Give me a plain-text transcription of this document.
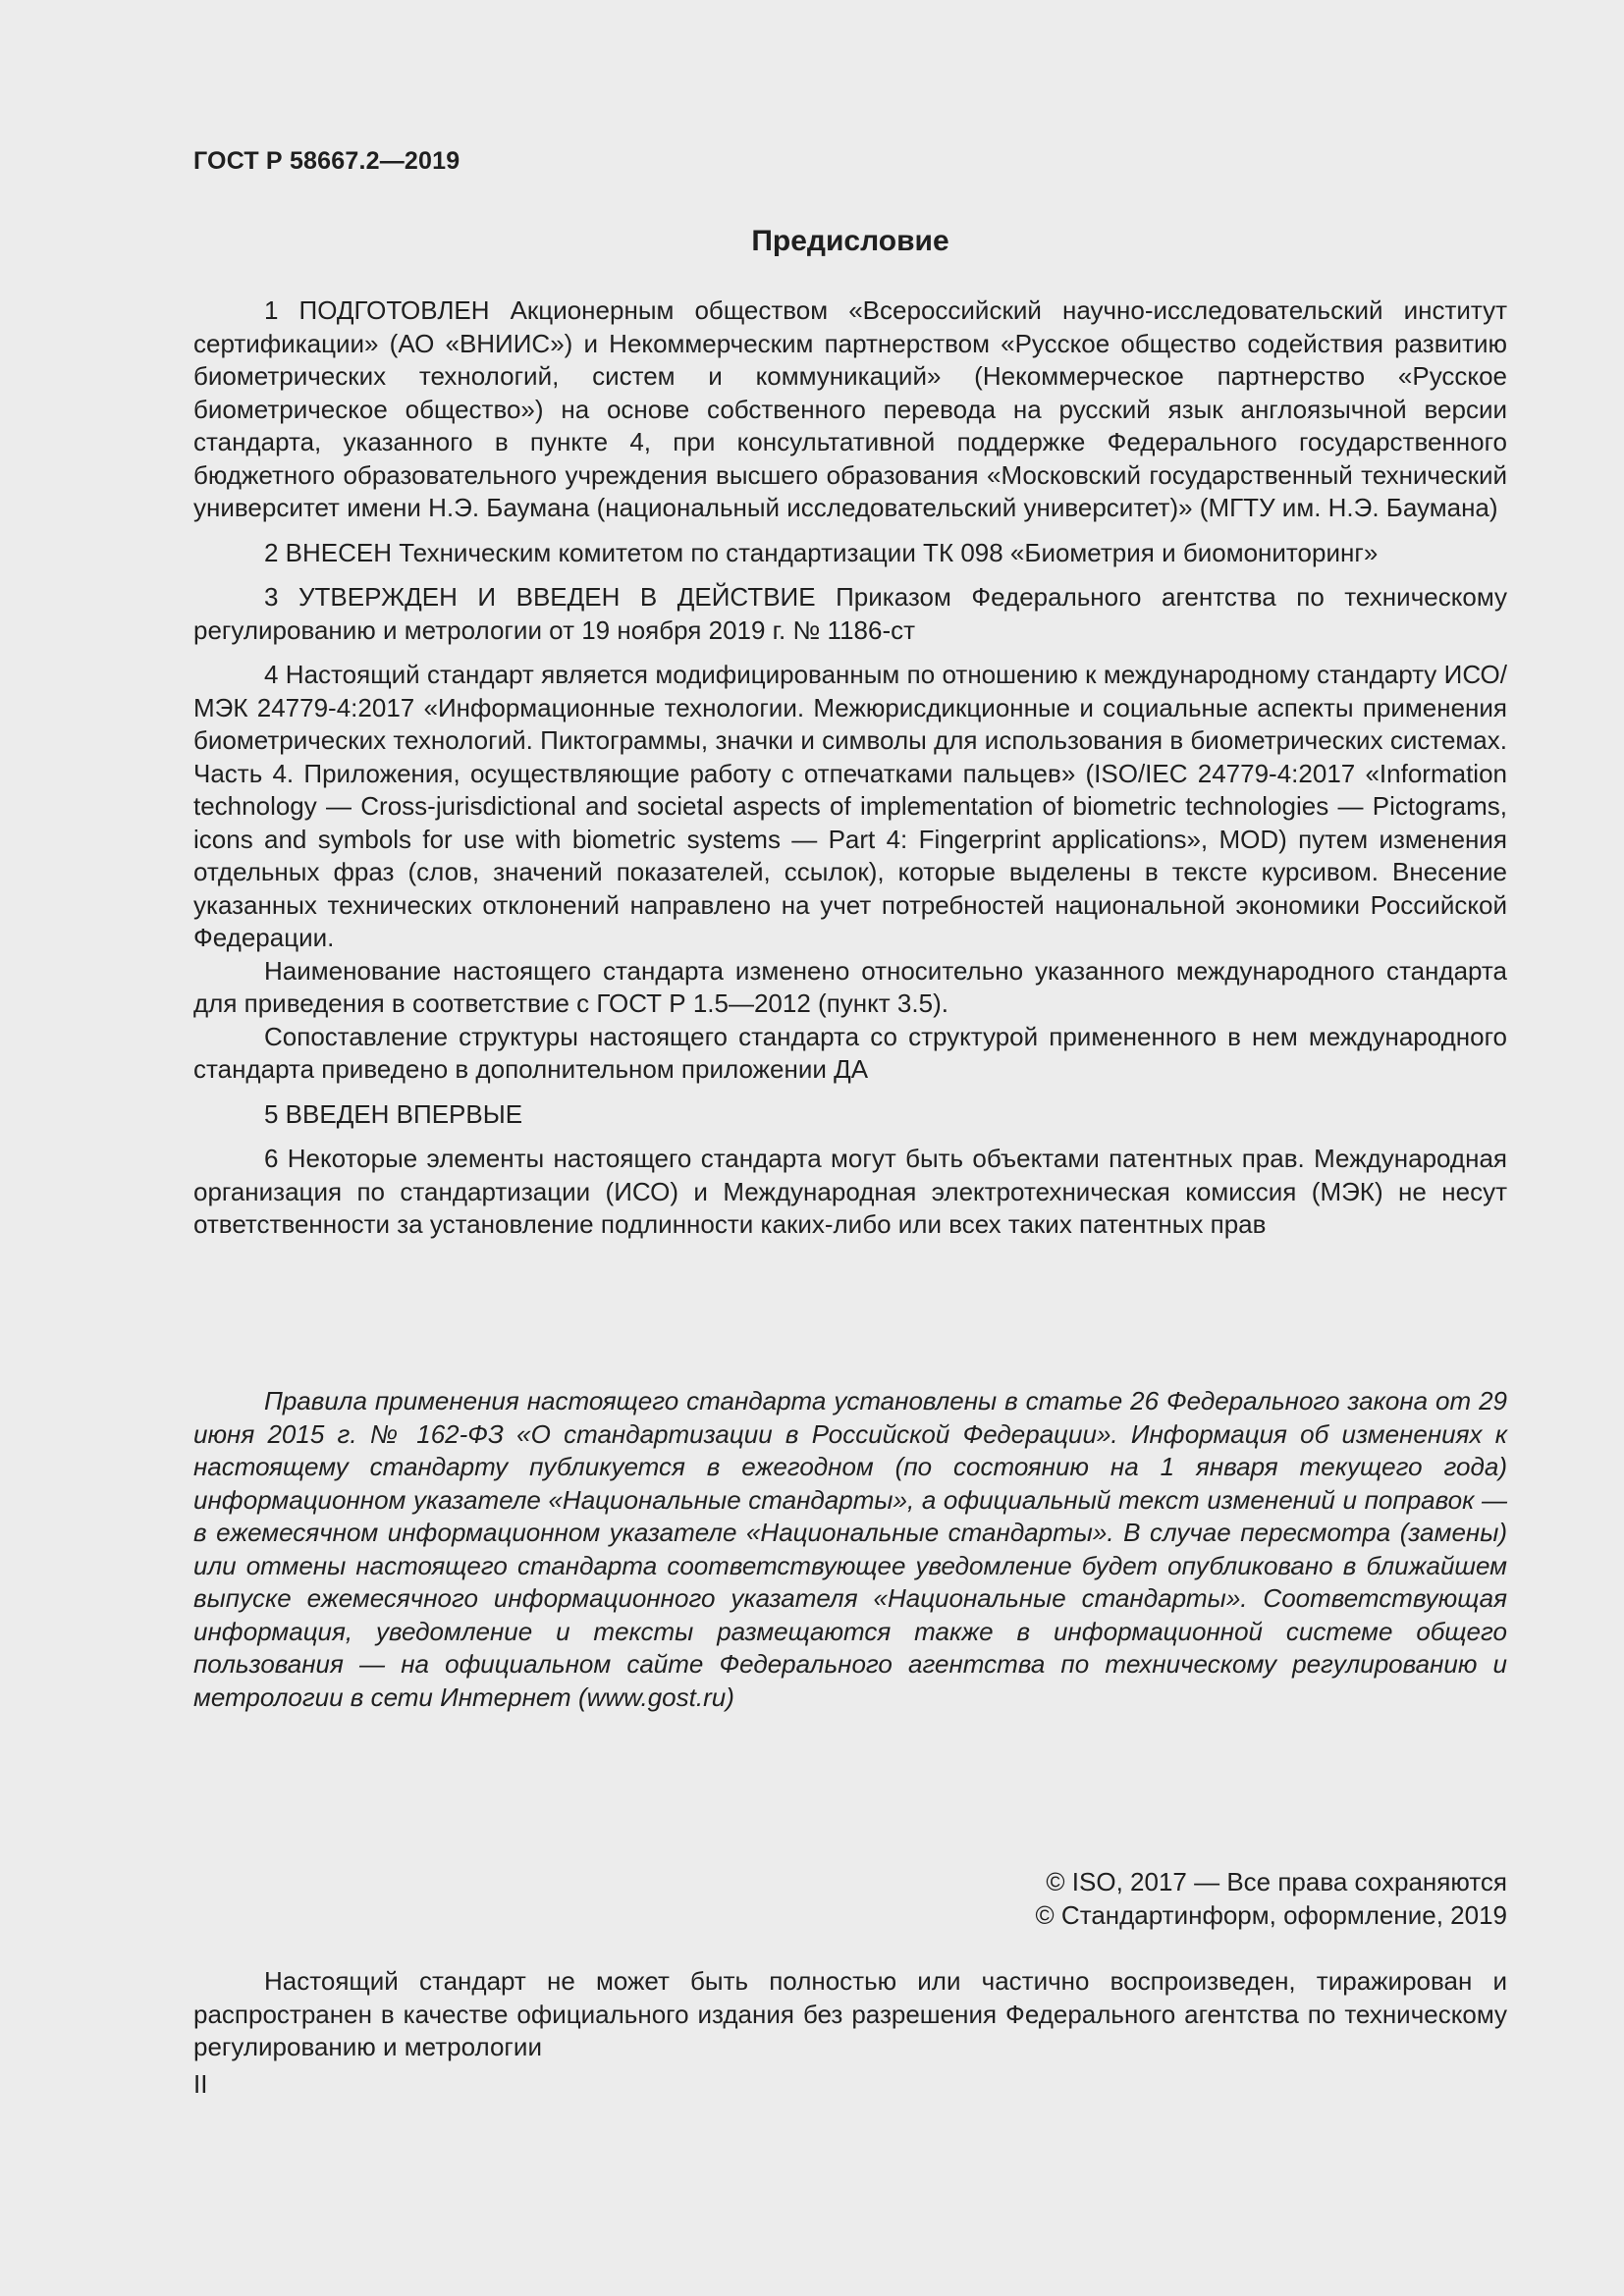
ГОСТ Р 58667.2—2019
Предисловие

1 ПОДГОТОВЛЕН Акционерным обществом «Всероссийский научно-исследовательский институт сертификации» (АО «ВНИИС») и Некоммерческим партнерством «Русское общество содействия развитию биометрических технологий, систем и коммуникаций» (Некоммерческое партнерство «Русское биометрическое общество») на основе собственного перевода на русский язык англоязычной версии стандарта, указанного в пункте 4, при консультативной поддержке Федерального государственного бюджетного образовательного учреждения высшего образования «Московский государственный технический университет имени Н.Э. Баумана (национальный исследовательский университет)» (МГТУ им. Н.Э. Баумана)

2 ВНЕСЕН Техническим комитетом по стандартизации ТК 098 «Биометрия и биомониторинг»

3 УТВЕРЖДЕН И ВВЕДЕН В ДЕЙСТВИЕ Приказом Федерального агентства по техническому регулированию и метрологии от 19 ноября 2019 г. № 1186-ст

4 Настоящий стандарт является модифицированным по отношению к международному стандарту ИСО/МЭК 24779-4:2017 «Информационные технологии. Межюрисдикционные и социальные аспекты применения биометрических технологий. Пиктограммы, значки и символы для использования в биометрических системах. Часть 4. Приложения, осуществляющие работу с отпечатками пальцев» (ISO/IEC 24779-4:2017 «Information technology — Cross-jurisdictional and societal aspects of implementation of biometric technologies — Pictograms, icons and symbols for use with biometric systems — Part 4: Fingerprint applications», MOD) путем изменения отдельных фраз (слов, значений показателей, ссылок), которые выделены в тексте курсивом. Внесение указанных технических отклонений направлено на учет потребностей национальной экономики Российской Федерации.

Наименование настоящего стандарта изменено относительно указанного международного стандарта для приведения в соответствие с ГОСТ Р 1.5—2012 (пункт 3.5).

Сопоставление структуры настоящего стандарта со структурой примененного в нем международного стандарта приведено в дополнительном приложении ДА

5 ВВЕДЕН ВПЕРВЫЕ

6 Некоторые элементы настоящего стандарта могут быть объектами патентных прав. Международная организация по стандартизации (ИСО) и Международная электротехническая комиссия (МЭК) не несут ответственности за установление подлинности каких-либо или всех таких патентных прав

Правила применения настоящего стандарта установлены в статье 26 Федерального закона от 29 июня 2015 г. № 162-ФЗ «О стандартизации в Российской Федерации». Информация об изменениях к настоящему стандарту публикуется в ежегодном (по состоянию на 1 января текущего года) информационном указателе «Национальные стандарты», а официальный текст изменений и поправок — в ежемесячном информационном указателе «Национальные стандарты». В случае пересмотра (замены) или отмены настоящего стандарта соответствующее уведомление будет опубликовано в ближайшем выпуске ежемесячного информационного указателя «Национальные стандарты». Соответствующая информация, уведомление и тексты размещаются также в информационной системе общего пользования — на официальном сайте Федерального агентства по техническому регулированию и метрологии в сети Интернет (www.gost.ru)

© ISO, 2017 — Все права сохраняются
© Стандартинформ, оформление, 2019

Настоящий стандарт не может быть полностью или частично воспроизведен, тиражирован и распространен в качестве официального издания без разрешения Федерального агентства по техническому регулированию и метрологии

II
